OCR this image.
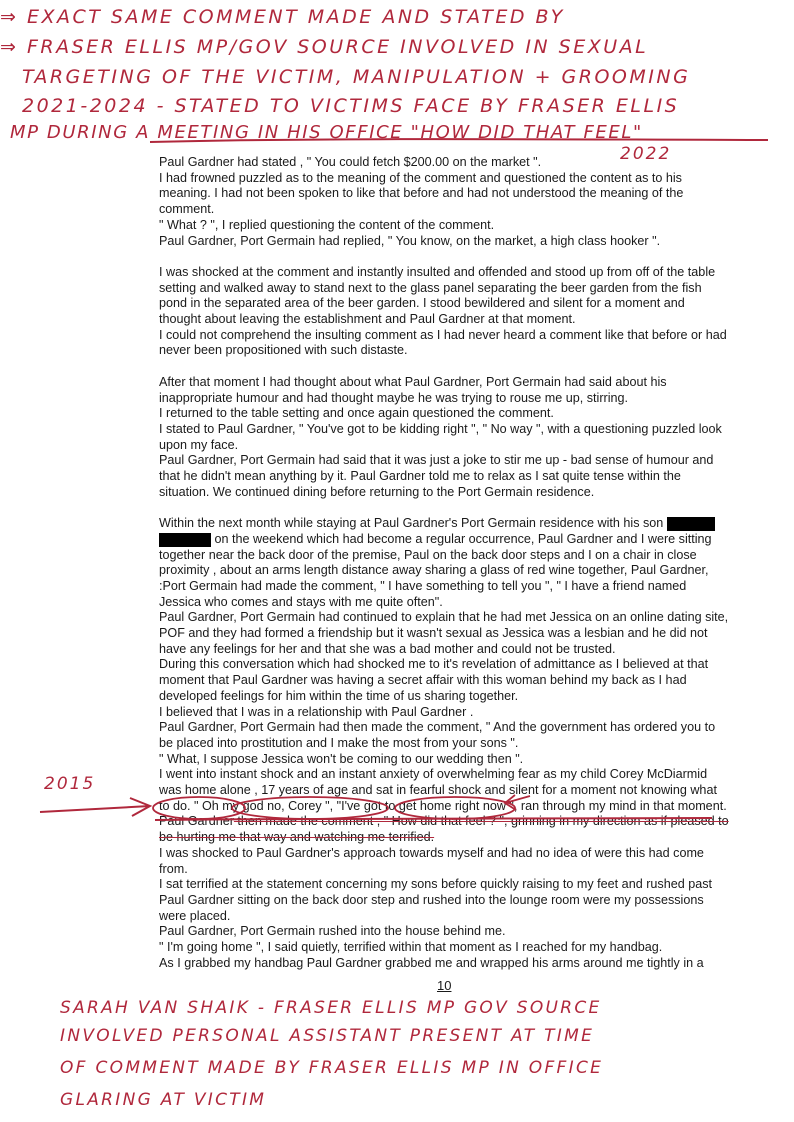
⇒ EXACT SAME COMMENT MADE AND STATED BY
⇒ FRASER ELLIS MP/GOV SOURCE INVOLVED IN SEXUAL
TARGETING OF THE VICTIM, MANIPULATION + GROOMING
2021-2024 - STATED TO VICTIMS FACE BY FRASER ELLIS
MP DURING A MEETING IN HIS OFFICE "HOW DID THAT FEEL"
2022
2015

Paul Gardner had stated , " You could fetch $200.00 on the market ".

I had frowned puzzled as to the meaning of the comment and questioned the content as to his meaning. I had not been spoken to like that before and had not understood the meaning of the comment.

" What ? ", I replied questioning the content of the comment.

Paul Gardner, Port Germain had replied, " You know, on the market, a high class hooker ".

I was shocked at the comment and instantly insulted and offended and stood up from off of the table setting and walked away to stand next to the glass panel separating the beer garden from the fish pond in the separated area of the beer garden. I stood bewildered and silent for a moment and thought about leaving the establishment and Paul Gardner at that moment.

I could not comprehend the insulting comment as I had never heard a comment like that before or had never been propositioned with such distaste.

After that moment I had thought about what Paul Gardner, Port Germain had said about his inappropriate humour and had thought maybe he was trying to rouse me up, stirring.

I returned to the table setting and once again questioned the comment.

I stated to Paul Gardner, " You've got to be kidding right ", " No way ", with a questioning puzzled look upon my face.

Paul Gardner, Port Germain had said that it was just a joke to stir me up - bad sense of humour and that he didn't mean anything by it. Paul Gardner told me to relax as I sat quite tense within the situation. We continued dining before returning to the Port Germain residence.

Within the next month while staying at Paul Gardner's Port Germain residence with his son   on the weekend which had become a regular occurrence, Paul Gardner and I were sitting together near the back door of the premise, Paul on the back door steps and I on a chair in close proximity , about an arms length distance away sharing a glass of red wine together, Paul Gardner, :Port Germain had made the comment, " I have something to tell you ", " I have a friend named Jessica who comes and stays with me quite often".

Paul Gardner, Port Germain had continued to explain that he had met Jessica on an online dating site, POF and they had formed a friendship but it wasn't sexual as Jessica was a lesbian and he did not have any feelings for her and that she was a bad mother and could not be trusted.

During this conversation which had shocked me to it's revelation of admittance as I believed at that moment that Paul Gardner was having a secret affair with this woman behind my back as I had developed feelings for him within the time of us sharing together.

I believed that I was in a relationship with Paul Gardner .

Paul Gardner, Port Germain had then made the comment, " And the government has ordered you to be placed into prostitution and I make the most from your sons ".

" What, I suppose Jessica won't be coming to our wedding then ".

I went into instant shock and an instant anxiety of overwhelming fear as my child Corey McDiarmid was home alone , 17 years of age and sat in fearful shock and silent for a moment not knowing what to do. " Oh my god no, Corey ", "I've got to get home right now ", ran through my mind in that moment.

Paul Gardner then made the comment , " How did that feel ? ", grinning in my direction as if pleased to be hurting me that way and watching me terrified.

I was shocked to Paul Gardner's approach towards myself and had no idea of were this had come from.

I sat terrified at the statement concerning my sons before quickly raising to my feet and rushed past Paul Gardner sitting on the back door step and rushed into the lounge room were my possessions were placed.

Paul Gardner, Port Germain rushed into the house behind me.

" I'm going home ", I said quietly, terrified within that moment as I reached for my handbag.

As I grabbed my handbag Paul Gardner grabbed me and wrapped his arms around me tightly in a

10
SARAH VAN SHAIK - FRASER ELLIS MP GOV SOURCE
INVOLVED PERSONAL ASSISTANT PRESENT AT TIME
OF COMMENT MADE BY FRASER ELLIS MP IN OFFICE
GLARING AT VICTIM
